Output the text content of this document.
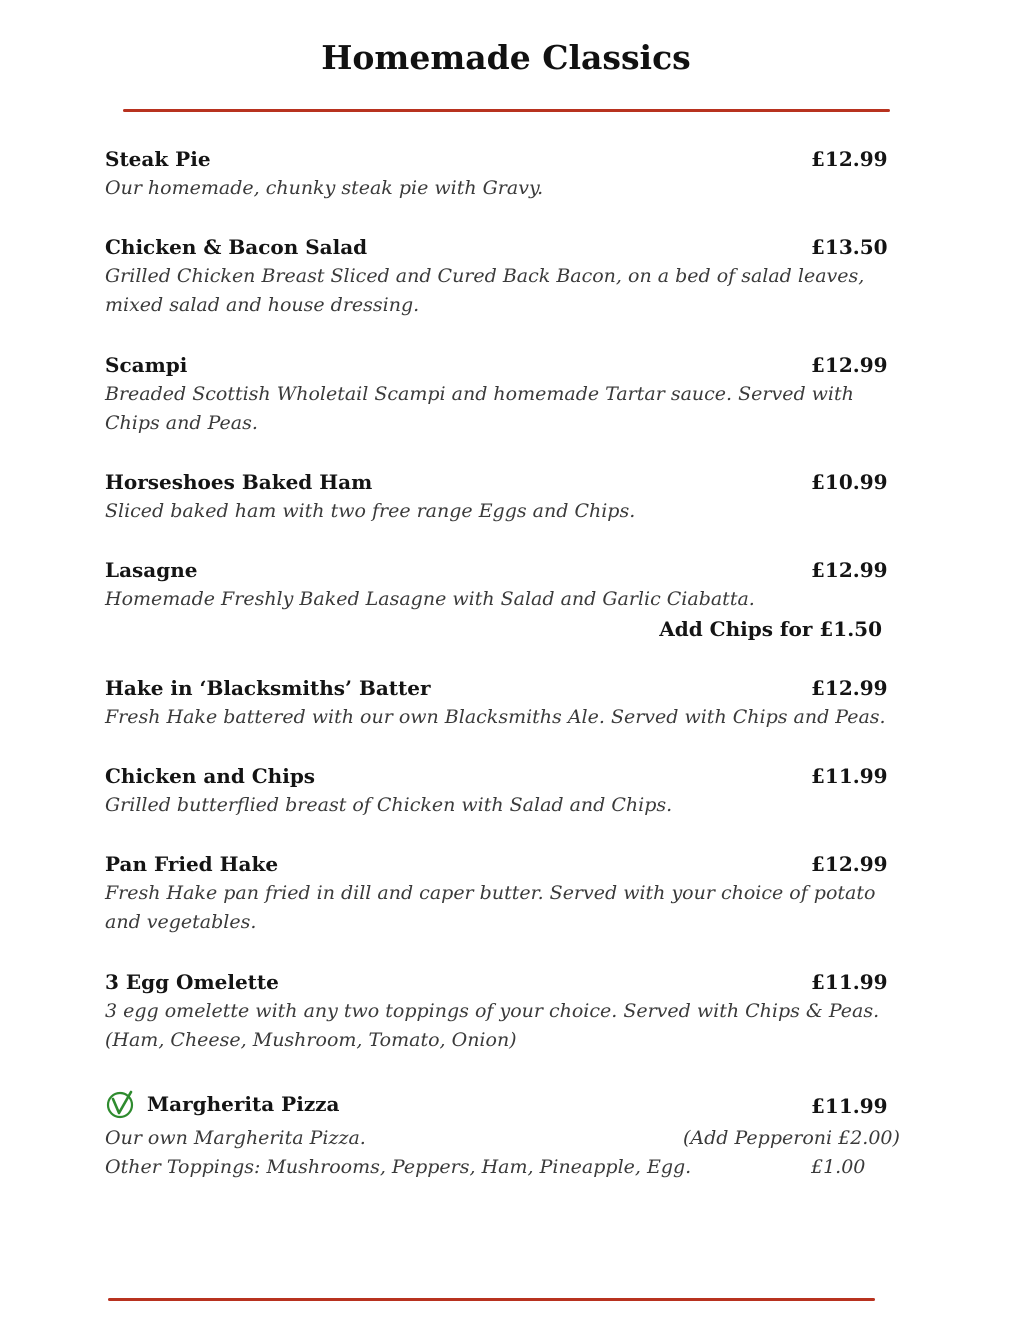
Homemade Classics
Steak Pie	£12.99
Our homemade, chunky steak pie with Gravy.
Chicken & Bacon Salad	£13.50
Grilled Chicken Breast Sliced and Cured Back Bacon, on a bed of salad leaves, mixed salad and house dressing.
Scampi	£12.99
Breaded Scottish Wholetail Scampi and homemade Tartar sauce. Served with Chips and Peas.
Horseshoes Baked Ham	£10.99
Sliced baked ham with two free range Eggs and Chips.
Lasagne	£12.99
Homemade Freshly Baked Lasagne with Salad and Garlic Ciabatta.
Add Chips for £1.50
Hake in ‘Blacksmiths’ Batter	£12.99
Fresh Hake battered with our own Blacksmiths Ale. Served with Chips and Peas.
Chicken and Chips	£11.99
Grilled butterflied breast of Chicken with Salad and Chips.
Pan Fried Hake	£12.99
Fresh Hake pan fried in dill and caper butter. Served with your choice of potato and vegetables.
3 Egg Omelette	£11.99
3 egg omelette with any two toppings of your choice. Served with Chips & Peas. (Ham, Cheese, Mushroom, Tomato, Onion)
Margherita Pizza	£11.99
Our own Margherita Pizza.	(Add Pepperoni £2.00)
Other Toppings: Mushrooms, Peppers, Ham, Pineapple, Egg.	£1.00
